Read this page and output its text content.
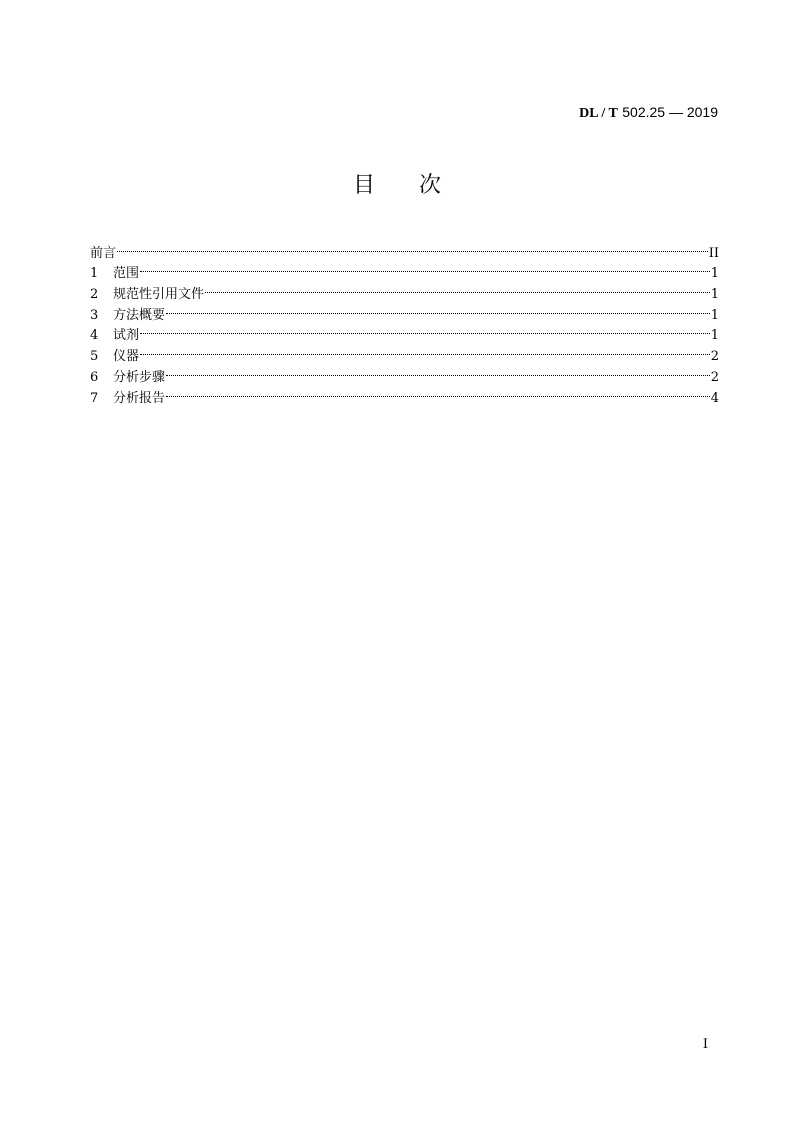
DL / T 502.25 — 2019
目次
前言	II
1	范围	1
2	规范性引用文件	1
3	方法概要	1
4	试剂	1
5	仪器	2
6	分析步骤	2
7	分析报告	4
I
